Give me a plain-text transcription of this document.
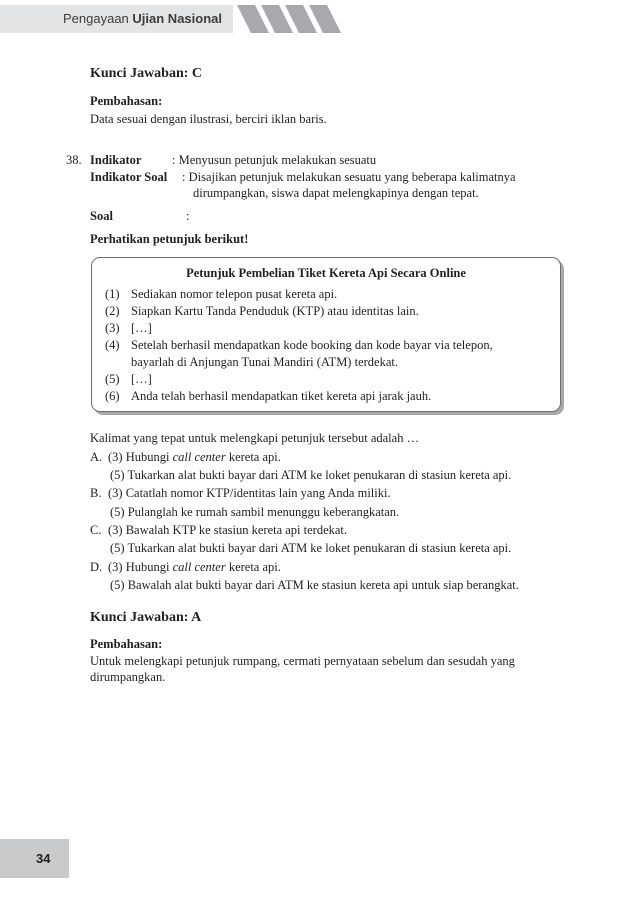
Pengayaan Ujian Nasional
Kunci Jawaban: C
Pembahasan:
Data sesuai dengan ilustrasi, berciri iklan baris.
38. Indikator : Menyusun petunjuk melakukan sesuatu
Indikator Soal : Disajikan petunjuk melakukan sesuatu yang beberapa kalimatnya
dirumpangkan, siswa dapat melengkapinya dengan tepat.
Soal	:
Perhatikan petunjuk berikut!
Petunjuk Pembelian Tiket Kereta Api Secara Online
(1) Sediakan nomor telepon pusat kereta api.
(2) Siapkan Kartu Tanda Penduduk (KTP) atau identitas lain.
(3) […]
(4) Setelah berhasil mendapatkan kode booking dan kode bayar via telepon,
bayarlah di Anjungan Tunai Mandiri (ATM) terdekat.
(5) […]
(6) Anda telah berhasil mendapatkan tiket kereta api jarak jauh.
Kalimat yang tepat untuk melengkapi petunjuk tersebut adalah …
A. (3) Hubungi call center kereta api.
(5) Tukarkan alat bukti bayar dari ATM ke loket penukaran di stasiun kereta api.
B. (3) Catatlah nomor KTP/identitas lain yang Anda miliki.
(5) Pulanglah ke rumah sambil menunggu keberangkatan.
C. (3) Bawalah KTP ke stasiun kereta api terdekat.
(5) Tukarkan alat bukti bayar dari ATM ke loket penukaran di stasiun kereta api.
D. (3) Hubungi call center kereta api.
(5) Bawalah alat bukti bayar dari ATM ke stasiun kereta api untuk siap berangkat.
Kunci Jawaban: A
Pembahasan:
Untuk melengkapi petunjuk rumpang, cermati pernyataan sebelum dan sesudah yang
dirumpangkan.
34
